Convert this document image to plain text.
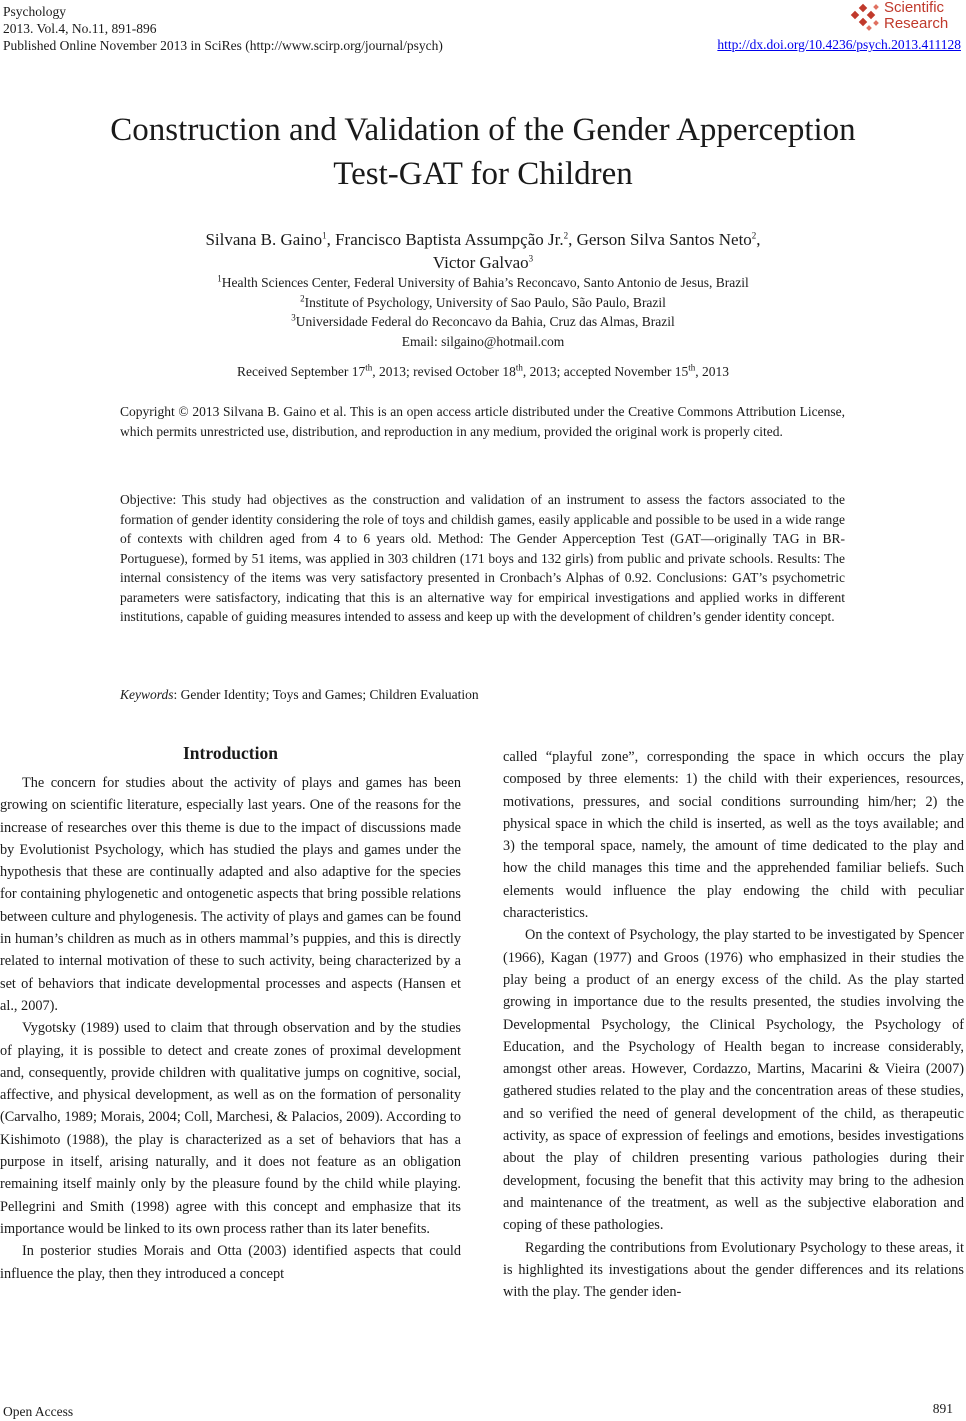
Psychology
2013. Vol.4, No.11, 891-896
Published Online November 2013 in SciRes (http://www.scirp.org/journal/psych)
Scientific
Research
http://dx.doi.org/10.4236/psych.2013.411128
Construction and Validation of the Gender Apperception
Test-GAT for Children
Silvana B. Gaino$^1$, Francisco Baptista Assumpção Jr.$^2$, Gerson Silva Santos Neto$^2$,
Victor Galvao$^3$
$^1$Health Sciences Center, Federal University of Bahia’s Reconcavo, Santo Antonio de Jesus, Brazil
$^2$Institute of Psychology, University of Sao Paulo, São Paulo, Brazil
$^3$Universidade Federal do Reconcavo da Bahia, Cruz das Almas, Brazil
Email: silgaino@hotmail.com
Received September 17th, 2013; revised October 18th, 2013; accepted November 15th, 2013
Copyright © 2013 Silvana B. Gaino et al. This is an open access article distributed under the Creative Commons Attribution License, which permits unrestricted use, distribution, and reproduction in any medium, provided the original work is properly cited.
Objective: This study had objectives as the construction and validation of an instrument to assess the factors associated to the formation of gender identity considering the role of toys and childish games, easily applicable and possible to be used in a wide range of contexts with children aged from 4 to 6 years old. Method: The Gender Apperception Test (GAT—originally TAG in BR-Portuguese), formed by 51 items, was applied in 303 children (171 boys and 132 girls) from public and private schools. Results: The internal consistency of the items was very satisfactory presented in Cronbach’s Alphas of 0.92. Conclusions: GAT’s psychometric parameters were satisfactory, indicating that this is an alternative way for empirical investigations and applied works in different institutions, capable of guiding measures intended to assess and keep up with the development of children’s gender identity concept.
Keywords: Gender Identity; Toys and Games; Children Evaluation

Introduction

The concern for studies about the activity of plays and games has been growing on scientific literature, especially last years. One of the reasons for the increase of researches over this theme is due to the impact of discussions made by Evolutionist Psychology, which has studied the plays and games under the hypothesis that these are continually adapted and also adaptive for the species for containing phylogenetic and ontogenetic aspects that bring possible relations between culture and phylogenesis. The activity of plays and games can be found in human’s children as much as in others mammal’s puppies, and this is directly related to internal motivation of these to such activity, being characterized by a set of behaviors that indicate developmental processes and aspects (Hansen et al., 2007).

Vygotsky (1989) used to claim that through observation and by the studies of playing, it is possible to detect and create zones of proximal development and, consequently, provide children with qualitative jumps on cognitive, social, affective, and physical development, as well as on the formation of personality (Carvalho, 1989; Morais, 2004; Coll, Marchesi, & Palacios, 2009). According to Kishimoto (1988), the play is characterized as a set of behaviors that has a purpose in itself, arising naturally, and it does not feature as an obligation remaining itself mainly only by the pleasure found by the child while playing. Pellegrini and Smith (1998) agree with this concept and emphasize that its importance would be linked to its own process rather than its later benefits.

In posterior studies Morais and Otta (2003) identified aspects that could influence the play, then they introduced a concept

called “playful zone”, corresponding the space in which occurs the play composed by three elements: 1) the child with their experiences, resources, motivations, pressures, and social conditions surrounding him/her; 2) the physical space in which the child is inserted, as well as the toys available; and 3) the temporal space, namely, the amount of time dedicated to the play and how the child manages this time and the apprehended familiar beliefs. Such elements would influence the play endowing the child with peculiar characteristics.

On the context of Psychology, the play started to be investigated by Spencer (1966), Kagan (1977) and Groos (1976) who emphasized in their studies the play being a product of an energy excess of the child. As the play started growing in importance due to the results presented, the studies involving the Developmental Psychology, the Clinical Psychology, the Psychology of Education, and the Psychology of Health began to increase considerably, amongst other areas. However, Cordazzo, Martins, Macarini & Vieira (2007) gathered studies related to the play and the concentration areas of these studies, and so verified the need of general development of the child, as therapeutic activity, as space of expression of feelings and emotions, besides investigations about the play of children presenting various pathologies during their development, focusing the benefit that this activity may bring to the adhesion and maintenance of the treatment, as well as the subjective elaboration and coping of these pathologies.

Regarding the contributions from Evolutionary Psychology to these areas, it is highlighted its investigations about the gender differences and its relations with the play. The gender iden-

Open Access	891
